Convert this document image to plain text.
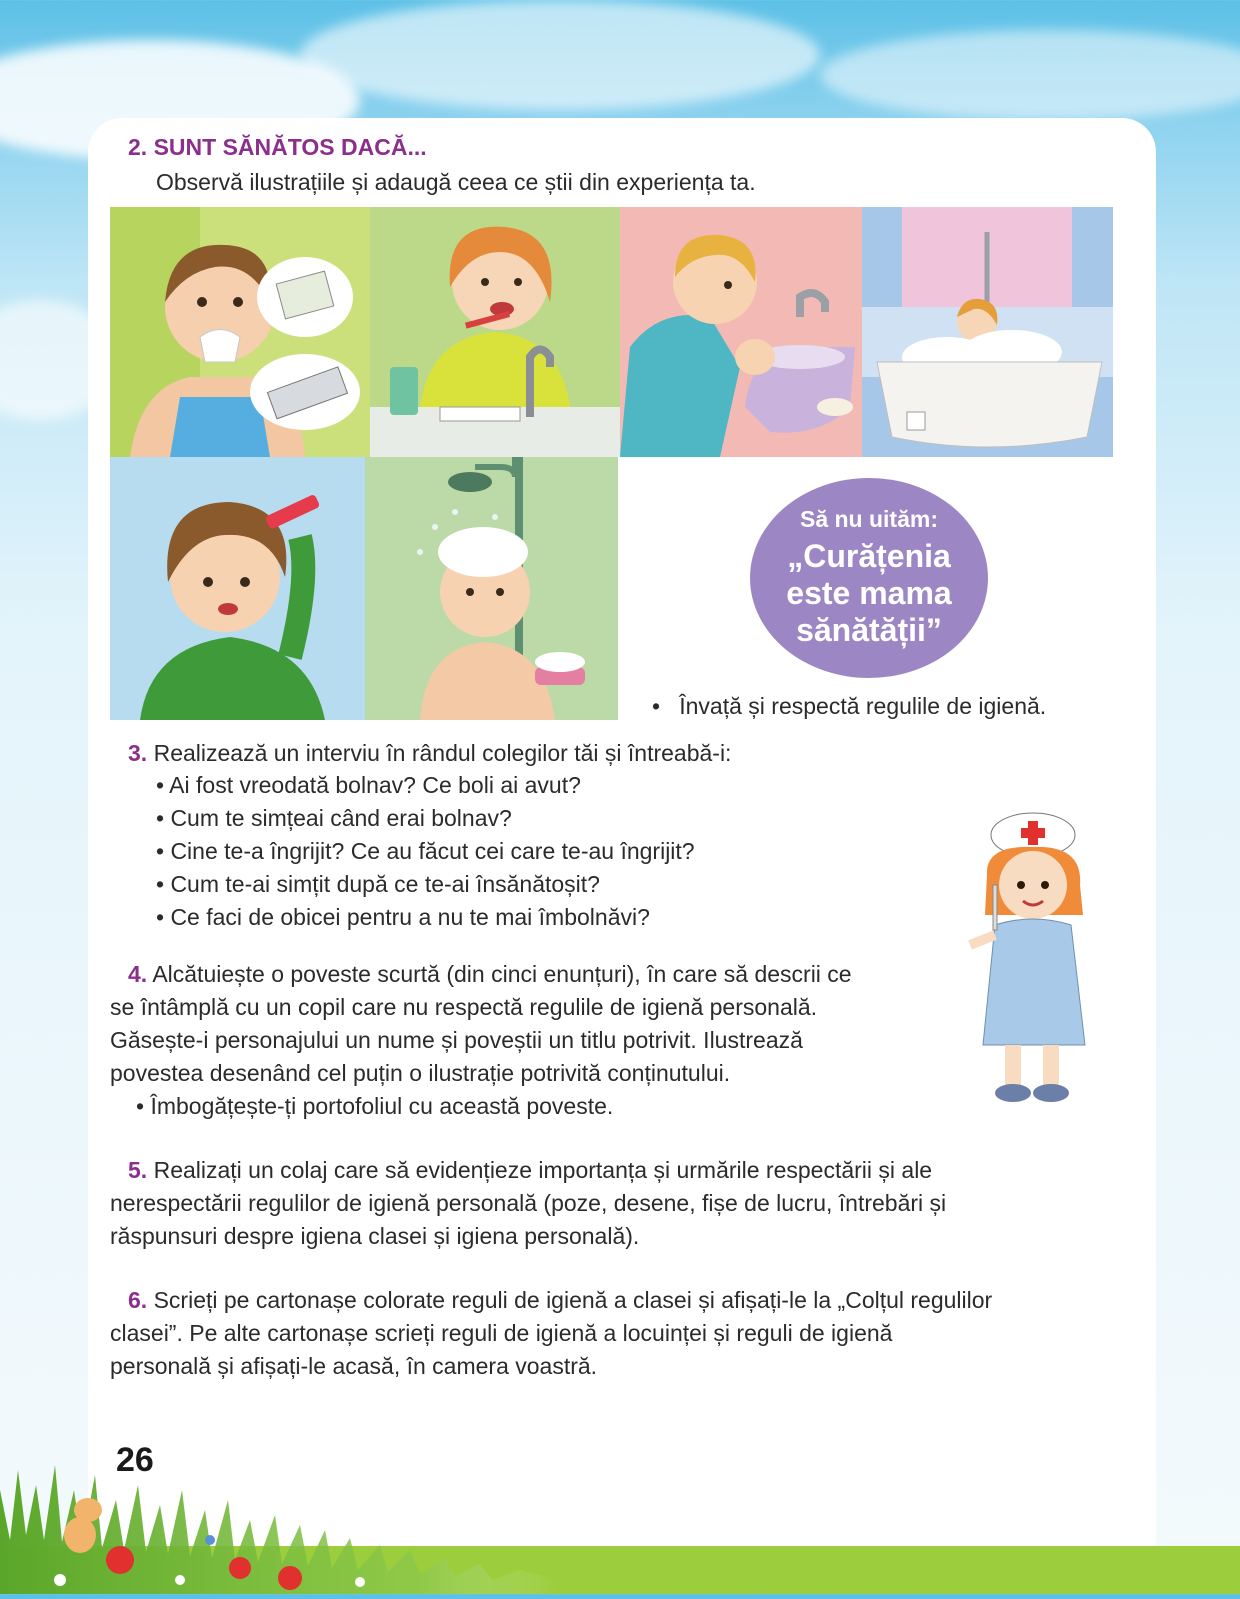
2. SUNT SĂNĂTOS DACĂ...
Observă ilustrațiile și adaugă ceea ce știi din experiența ta.
Să nu uităm:
„Curățenia
este mama
sănătății”
•   Învață și respectă regulile de igienă.
3. Realizează un interviu în rândul colegilor tăi și întreabă-i:
• Ai fost vreodată bolnav? Ce boli ai avut?
• Cum te simțeai când erai bolnav?
• Cine te-a îngrijit? Ce au făcut cei care te-au îngrijit?
• Cum te-ai simțit după ce te-ai însănătoșit?
• Ce faci de obicei pentru a nu te mai îmbolnăvi?
4. Alcătuiește o poveste scurtă (din cinci enunțuri), în care să descrii ce
se întâmplă cu un copil care nu respectă regulile de igienă personală.
Găsește-i personajului un nume și poveștii un titlu potrivit. Ilustrează
povestea desenând cel puțin o ilustrație potrivită conținutului.
• Îmbogățește-ți portofoliul cu această poveste.
5. Realizați un colaj care să evidențieze importanța și urmările respectării și ale
nerespectării regulilor de igienă personală (poze, desene, fișe de lucru, întrebări și
răspunsuri despre igiena clasei și igiena personală).
6. Scrieți pe cartonașe colorate reguli de igienă a clasei și afișați-le la „Colțul regulilor
clasei”. Pe alte cartonașe scrieți reguli de igienă a locuinței și reguli de igienă
personală și afișați-le acasă, în camera voastră.
26
